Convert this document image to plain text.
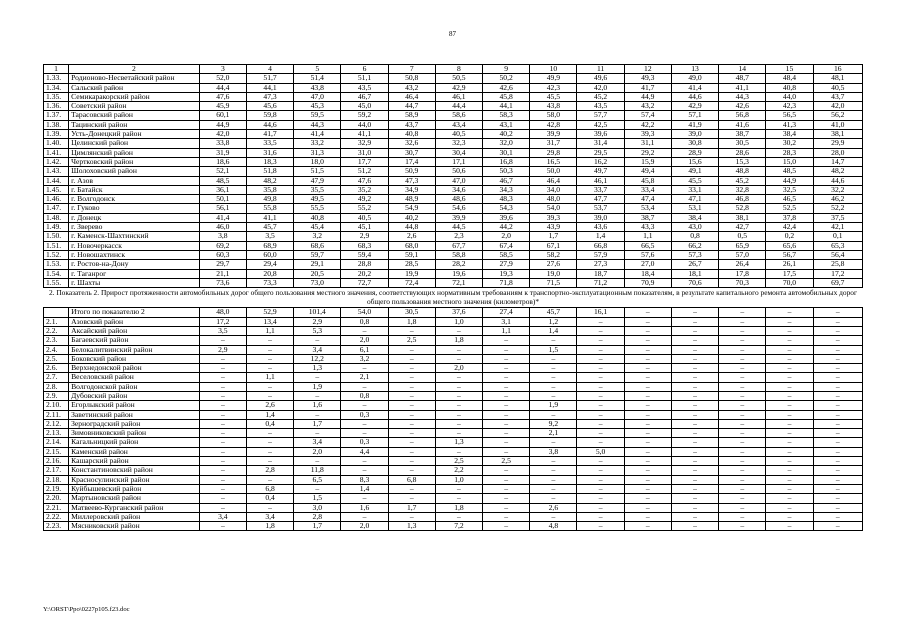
87
1	2	3	4	5	6	7	8	9	10	11	12	13	14	15	16
1.33.	Родионово-Несветайский район	52,0	51,7	51,4	51,1	50,8	50,5	50,2	49,9	49,6	49,3	49,0	48,7	48,4	48,1
1.34.	Сальский район	44,4	44,1	43,8	43,5	43,2	42,9	42,6	42,3	42,0	41,7	41,4	41,1	40,8	40,5
1.35.	Семикаракорский район	47,6	47,3	47,0	46,7	46,4	46,1	45,8	45,5	45,2	44,9	44,6	44,3	44,0	43,7
1.36.	Советский район	45,9	45,6	45,3	45,0	44,7	44,4	44,1	43,8	43,5	43,2	42,9	42,6	42,3	42,0
1.37.	Тарасовский район	60,1	59,8	59,5	59,2	58,9	58,6	58,3	58,0	57,7	57,4	57,1	56,8	56,5	56,2
1.38.	Тацинский район	44,9	44,6	44,3	44,0	43,7	43,4	43,1	42,8	42,5	42,2	41,9	41,6	41,3	41,0
1.39.	Усть-Донецкий район	42,0	41,7	41,4	41,1	40,8	40,5	40,2	39,9	39,6	39,3	39,0	38,7	38,4	38,1
1.40.	Целинский район	33,8	33,5	33,2	32,9	32,6	32,3	32,0	31,7	31,4	31,1	30,8	30,5	30,2	29,9
1.41.	Цимлянский район	31,9	31,6	31,3	31,0	30,7	30,4	30,1	29,8	29,5	29,2	28,9	28,6	28,3	28,0
1.42.	Чертковский район	18,6	18,3	18,0	17,7	17,4	17,1	16,8	16,5	16,2	15,9	15,6	15,3	15,0	14,7
1.43.	Шолоховский район	52,1	51,8	51,5	51,2	50,9	50,6	50,3	50,0	49,7	49,4	49,1	48,8	48,5	48,2
1.44.	г. Азов	48,5	48,2	47,9	47,6	47,3	47,0	46,7	46,4	46,1	45,8	45,5	45,2	44,9	44,6
1.45.	г. Батайск	36,1	35,8	35,5	35,2	34,9	34,6	34,3	34,0	33,7	33,4	33,1	32,8	32,5	32,2
1.46.	г. Волгодонск	50,1	49,8	49,5	49,2	48,9	48,6	48,3	48,0	47,7	47,4	47,1	46,8	46,5	46,2
1.47.	г. Гуково	56,1	55,8	55,5	55,2	54,9	54,6	54,3	54,0	53,7	53,4	53,1	52,8	52,5	52,2
1.48.	г. Донецк	41,4	41,1	40,8	40,5	40,2	39,9	39,6	39,3	39,0	38,7	38,4	38,1	37,8	37,5
1.49.	г. Зверево	46,0	45,7	45,4	45,1	44,8	44,5	44,2	43,9	43,6	43,3	43,0	42,7	42,4	42,1
1.50.	г. Каменск-Шахтинский	3,8	3,5	3,2	2,9	2,6	2,3	2,0	1,7	1,4	1,1	0,8	0,5	0,2	0,1
1.51.	г. Новочеркасск	69,2	68,9	68,6	68,3	68,0	67,7	67,4	67,1	66,8	66,5	66,2	65,9	65,6	65,3
1.52.	г. Новошахтинск	60,3	60,0	59,7	59,4	59,1	58,8	58,5	58,2	57,9	57,6	57,3	57,0	56,7	56,4
1.53.	г. Ростов-на-Дону	29,7	29,4	29,1	28,8	28,5	28,2	27,9	27,6	27,3	27,0	26,7	26,4	26,1	25,8
1.54.	г. Таганрог	21,1	20,8	20,5	20,2	19,9	19,6	19,3	19,0	18,7	18,4	18,1	17,8	17,5	17,2
1.55.	г. Шахты	73,6	73,3	73,0	72,7	72,4	72,1	71,8	71,5	71,2	70,9	70,6	70,3	70,0	69,7
2. Показатель 2. Прирост протяженности автомобильных дорог общего пользования местного значения, соответствующих нормативным требованиям к транспортно-эксплуатационным показателям, в результате капитального ремонта автомобильных дорог общего пользования местного значения (километров)*															
	Итого по показателю 2	48,0	52,9	101,4	54,0	30,5	37,6	27,4	45,7	16,1	–	–	–	–	–
2.1.	Азовский район	17,2	13,4	2,9	0,8	1,8	1,0	3,1	1,2	–	–	–	–	–	–
2.2.	Аксайский район	3,5	1,1	5,3	–	–	–	1,1	1,4	–	–	–	–	–	–
2.3.	Багаевский район	–	–	–	2,0	2,5	1,8	–	–	–	–	–	–	–	–
2.4.	Белокалитвинский район	2,9	–	3,4	6,1	–	–	–	1,5	–	–	–	–	–	–
2.5.	Боковский район	–	–	12,2	3,2	–	–	–	–	–	–	–	–	–	–
2.6.	Верхнедонской район	–	–	1,3	–	–	2,0	–	–	–	–	–	–	–	–
2.7.	Веселовский район	–	1,1	–	2,1	–	–	–	–	–	–	–	–	–	–
2.8.	Волгодонской район	–	–	1,9	–	–	–	–	–	–	–	–	–	–	–
2.9.	Дубовский район	–	–	–	0,8	–	–	–	–	–	–	–	–	–	–
2.10.	Егорлыкский район	–	2,6	1,6	–	–	–	–	1,9	–	–	–	–	–	–
2.11.	Заветинский район	–	1,4	–	0,3	–	–	–	–	–	–	–	–	–	–
2.12.	Зерноградский район	–	0,4	1,7	–	–	–	–	9,2	–	–	–	–	–	–
2.13.	Зимовниковский район	–	–	–	–	–	–	–	2,1	–	–	–	–	–	–
2.14.	Кагальницкий район	–	–	3,4	0,3	–	1,3	–	–	–	–	–	–	–	–
2.15.	Каменский район	–	–	2,0	4,4	–	–	–	3,8	5,0	–	–	–	–	–
2.16.	Кашарский район	–	–	–	–	–	2,5	2,5	–	–	–	–	–	–	–
2.17.	Константиновский район	–	2,8	11,8	–	–	2,2	–	–	–	–	–	–	–	–
2.18.	Красносулинский район	–	–	6,5	8,3	6,8	1,0	–	–	–	–	–	–	–	–
2.19.	Куйбышевский район	–	6,8	–	1,4	–	–	–	–	–	–	–	–	–	–
2.20.	Мартыновский район	–	0,4	1,5	–	–	–	–	–	–	–	–	–	–	–
2.21.	Матвеево-Курганский район	–	–	3,0	1,6	1,7	1,8	–	2,6	–	–	–	–	–	–
2.22.	Миллеровский район	3,4	3,4	2,8	–	–	–	–	–	–	–	–	–	–	–
2.23.	Мясниковский район	–	1,8	1,7	2,0	1,3	7,2	–	4,8	–	–	–	–	–	–
Y:\ORST\Ppo\0227p105.f23.doc
